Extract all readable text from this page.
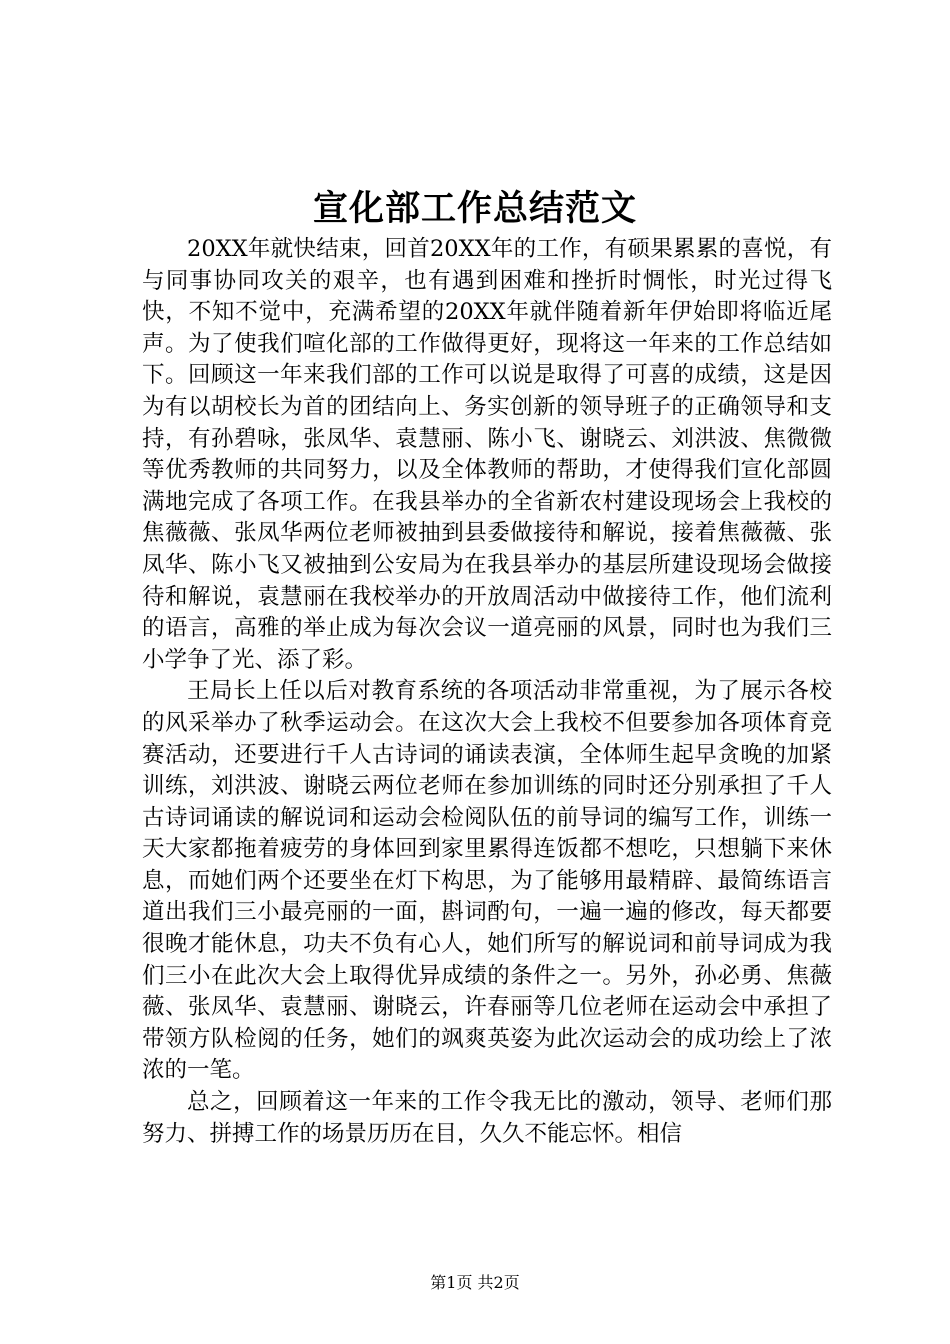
宣化部工作总结范文

20XX年就快结束，回首20XX年的工作，有硕果累累的喜悦，有与同事协同攻关的艰辛，也有遇到困难和挫折时惆怅，时光过得飞快，不知不觉中，充满希望的20XX年就伴随着新年伊始即将临近尾声。为了使我们喧化部的工作做得更好，现将这一年来的工作总结如下。回顾这一年来我们部的工作可以说是取得了可喜的成绩，这是因为有以胡校长为首的团结向上、务实创新的领导班子的正确领导和支持，有孙碧咏，张凤华、袁慧丽、陈小飞、谢晓云、刘洪波、焦微微等优秀教师的共同努力，以及全体教师的帮助，才使得我们宣化部圆满地完成了各项工作。在我县举办的全省新农村建设现场会上我校的焦薇薇、张凤华两位老师被抽到县委做接待和解说，接着焦薇薇、张凤华、陈小飞又被抽到公安局为在我县举办的基层所建设现场会做接待和解说，袁慧丽在我校举办的开放周活动中做接待工作，他们流利的语言，高雅的举止成为每次会议一道亮丽的风景，同时也为我们三小学争了光、添了彩。

王局长上任以后对教育系统的各项活动非常重视，为了展示各校的风采举办了秋季运动会。在这次大会上我校不但要参加各项体育竞赛活动，还要进行千人古诗词的诵读表演，全体师生起早贪晚的加紧训练，刘洪波、谢晓云两位老师在参加训练的同时还分别承担了千人古诗词诵读的解说词和运动会检阅队伍的前导词的编写工作，训练一天大家都拖着疲劳的身体回到家里累得连饭都不想吃，只想躺下来休息，而她们两个还要坐在灯下构思，为了能够用最精辟、最简练语言道出我们三小最亮丽的一面，斟词酌句，一遍一遍的修改，每天都要很晚才能休息，功夫不负有心人，她们所写的解说词和前导词成为我们三小在此次大会上取得优异成绩的条件之一。另外，孙必勇、焦薇薇、张凤华、袁慧丽、谢晓云，许春丽等几位老师在运动会中承担了带领方队检阅的任务，她们的飒爽英姿为此次运动会的成功绘上了浓浓的一笔。

总之，回顾着这一年来的工作令我无比的激动，领导、老师们那努力、拼搏工作的场景历历在目，久久不能忘怀。相信

第1页 共2页
